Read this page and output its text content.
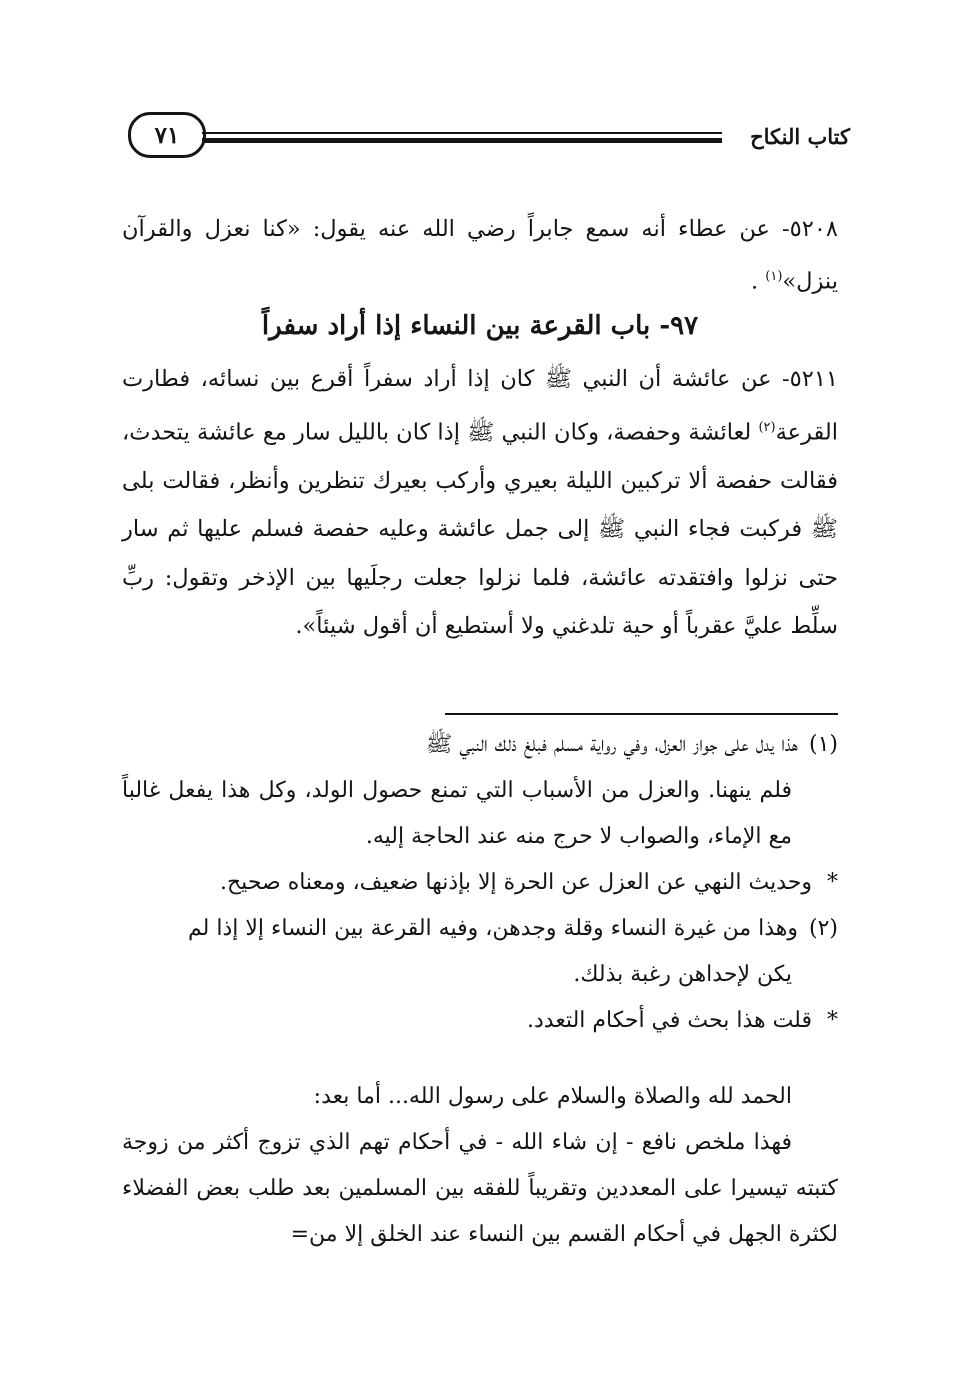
كتاب النكاح
٧١

٥٢٠٨- عن عطاء أنه سمع جابراً رضي الله عنه يقول: «كنا نعزل والقرآن ينزل»$^{(١)}$ .

٩٧- باب القرعة بين النساء إذا أراد سفراً

٥٢١١- عن عائشة أن النبي ﷺ كان إذا أراد سفراً أقرع بين نسائه، فطارت القرعة$^{(٢)}$ لعائشة وحفصة، وكان النبي ﷺ إذا كان بالليل سار مع عائشة يتحدث، فقالت حفصة ألا تركبين الليلة بعيري وأركب بعيرك تنظرين وأنظر، فقالت بلى ﷺ فركبت فجاء النبي ﷺ إلى جمل عائشة وعليه حفصة فسلم عليها ثم سار حتى نزلوا وافتقدته عائشة، فلما نزلوا جعلت رجلَيها بين الإذخر وتقول: ربِّ سلِّط عليَّ عقرباً أو حية تلدغني ولا أستطيع أن أقول شيئاً».

(١) هذا يدل على جواز العزل، وفي رواية مسلم فبلغ ذلك النبي ﷺ

فلم ينهنا. والعزل من الأسباب التي تمنع حصول الولد، وكل هذا يفعل غالباً مع الإماء، والصواب لا حرج منه عند الحاجة إليه.

* وحديث النهي عن العزل عن الحرة إلا بإذنها ضعيف، ومعناه صحيح.

(٢) وهذا من غيرة النساء وقلة وجدهن، وفيه القرعة بين النساء إلا إذا لم

يكن لإحداهن رغبة بذلك.

* قلت هذا بحث في أحكام التعدد.

الحمد لله والصلاة والسلام على رسول الله... أما بعد:

فهذا ملخص نافع - إن شاء الله - في أحكام تهم الذي تزوج أكثر من زوجة كتبته تيسيرا على المعددين وتقريباً للفقه بين المسلمين بعد طلب بعض الفضلاء لكثرة الجهل في أحكام القسم بين النساء عند الخلق إلا من=
